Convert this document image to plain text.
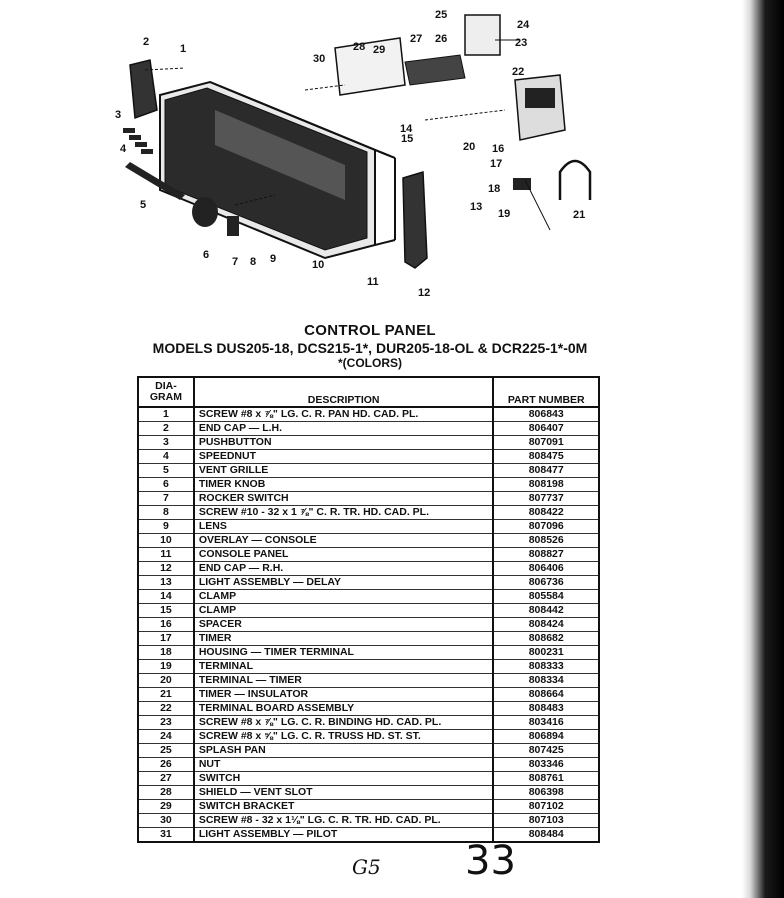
1
2
3
4
5
6
7 8 9	10
11
12
13
14
15
16
17
18
19
20
21
22
23
24
25
26
27
28 29
30
CONTROL PANEL
MODELS DUS205-18, DCS215-1*, DUR205-18-OL & DCR225-1*-0M
*(COLORS)
DIA-
GRAM	DESCRIPTION	PART NUMBER
1	SCREW #8 x ⅞" LG. C. R. PAN HD. CAD. PL.	806843
2	END CAP — L.H.	806407
3	PUSHBUTTON	807091
4	SPEEDNUT	808475
5	VENT GRILLE	808477
6	TIMER KNOB	808198
7	ROCKER SWITCH	807737
8	SCREW #10 - 32 x 1 ⅞" C. R. TR. HD. CAD. PL.	808422
9	LENS	807096
10	OVERLAY — CONSOLE	808526
11	CONSOLE PANEL	808827
12	END CAP — R.H.	806406
13	LIGHT ASSEMBLY — DELAY	806736
14	CLAMP	805584
15	CLAMP	808442
16	SPACER	808424
17	TIMER	808682
18	HOUSING — TIMER TERMINAL	800231
19	TERMINAL	808333
20	TERMINAL — TIMER	808334
21	TIMER — INSULATOR	808664
22	TERMINAL BOARD ASSEMBLY	808483
23	SCREW #8 x ⅞" LG. C. R. BINDING HD. CAD. PL.	803416
24	SCREW #8 x ⅝" LG. C. R. TRUSS HD. ST. ST.	806894
25	SPLASH PAN	807425
26	NUT	803346
27	SWITCH	808761
28	SHIELD — VENT SLOT	806398
29	SWITCH BRACKET	807102
30	SCREW #8 - 32 x 1⅛" LG. C. R. TR. HD. CAD. PL.	807103
31	LIGHT ASSEMBLY — PILOT	808484
G5 33
